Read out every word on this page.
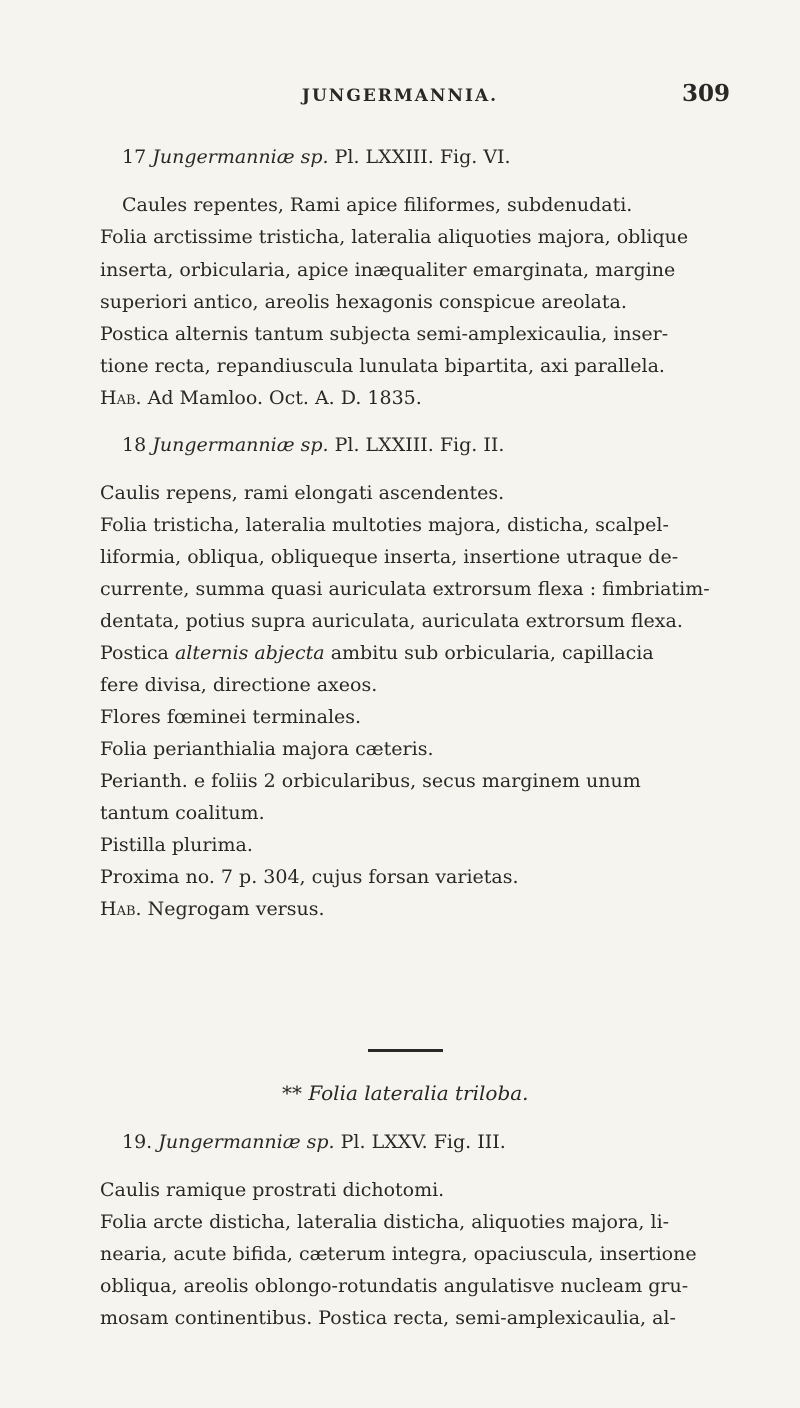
JUNGERMANNIA.	309
17 Jungermanniæ sp. Pl. LXXIII. Fig. VI.
Caules repentes, Rami apice filiformes, subdenudati.
Folia arctissime tristicha, lateralia aliquoties majora, oblique
inserta, orbicularia, apice inæqualiter emarginata, margine
superiori antico, areolis hexagonis conspicue areolata.
Postica alternis tantum subjecta semi-amplexicaulia, inser-
tione recta, repandiuscula lunulata bipartita, axi parallela.
Hab. Ad Mamloo. Oct. A. D. 1835.
18 Jungermanniæ sp. Pl. LXXIII. Fig. II.
Caulis repens, rami elongati ascendentes.
Folia tristicha, lateralia multoties majora, disticha, scalpel-
liformia, obliqua, obliqueque inserta, insertione utraque de-
currente, summa quasi auriculata extrorsum flexa : fimbriatim-
dentata, potius supra auriculata, auriculata extrorsum flexa.
Postica alternis abjecta ambitu sub orbicularia, capillacia
fere divisa, directione axeos.
Flores fœminei terminales.
Folia perianthialia majora cæteris.
Perianth. e foliis 2 orbicularibus, secus marginem unum
tantum coalitum.
Pistilla plurima.
Proxima no. 7 p. 304, cujus forsan varietas.
Hab. Negrogam versus.
** Folia lateralia triloba.
19. Jungermanniæ sp. Pl. LXXV. Fig. III.
Caulis ramique prostrati dichotomi.
Folia arcte disticha, lateralia disticha, aliquoties majora, li-
nearia, acute bifida, cæterum integra, opaciuscula, insertione
obliqua, areolis oblongo-rotundatis angulatisve nucleam gru-
mosam continentibus. Postica recta, semi-amplexicaulia, al-
